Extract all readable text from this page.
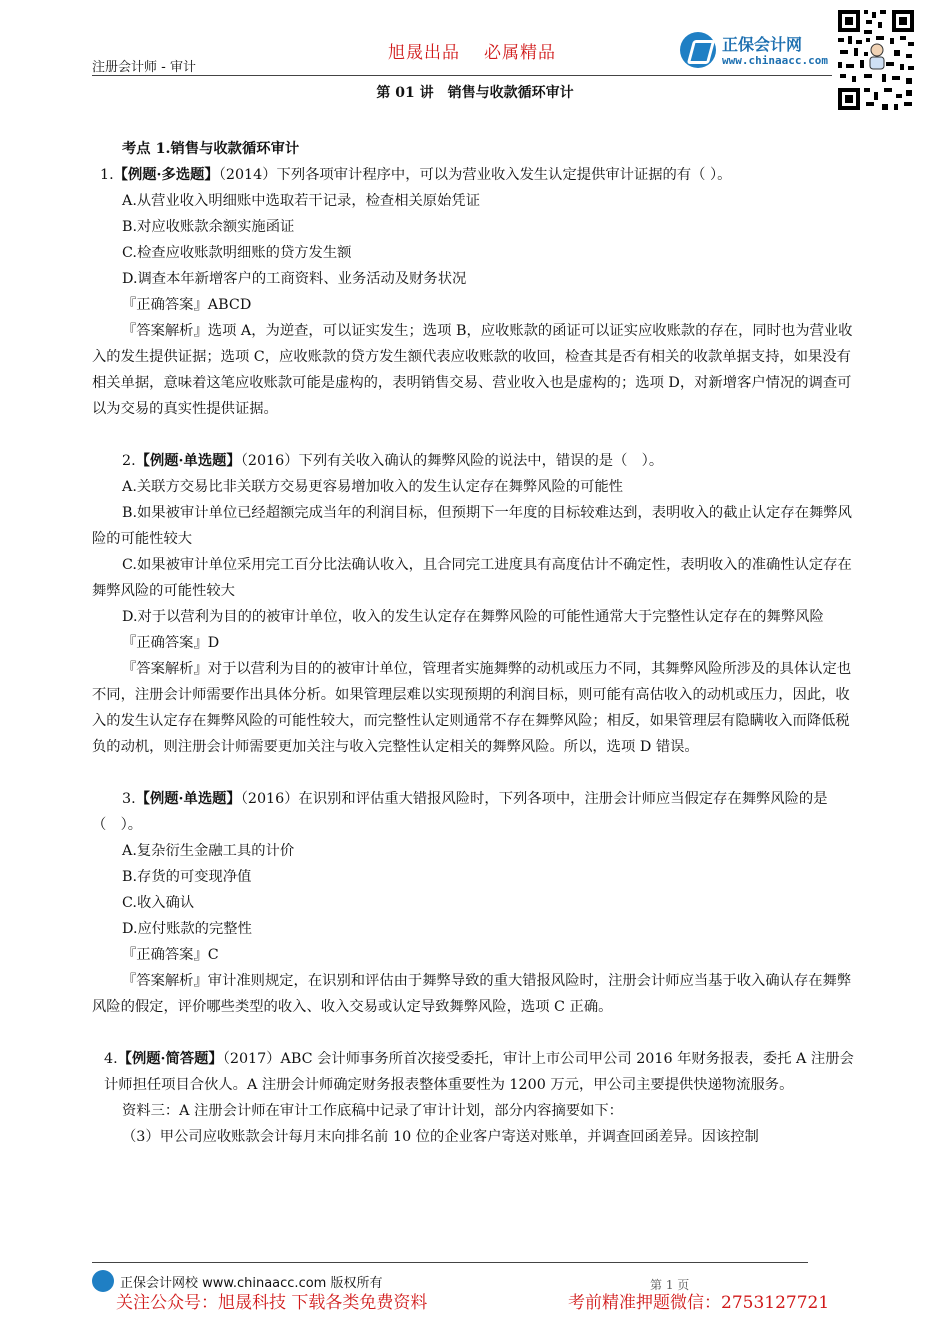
注册会计师 - 审计
旭晟出品 必属精品	正保会计网
www.chinaacc.com
第 01 讲　销售与收款循环审计

考点 1.销售与收款循环审计

1.【例题·多选题】（2014）下列各项审计程序中，可以为营业收入发生认定提供审计证据的有（ ）。

A.从营业收入明细账中选取若干记录，检查相关原始凭证

B.对应收账款余额实施函证

C.检查应收账款明细账的贷方发生额

D.调查本年新增客户的工商资料、业务活动及财务状况

『正确答案』ABCD

『答案解析』选项 A，为逆查，可以证实发生；选项 B，应收账款的函证可以证实应收账款的存在，同时也为营业收入的发生提供证据；选项 C，应收账款的贷方发生额代表应收账款的收回，检查其是否有相关的收款单据支持，如果没有相关单据，意味着这笔应收账款可能是虚构的，表明销售交易、营业收入也是虚构的；选项 D，对新增客户情况的调查可以为交易的真实性提供证据。

2.【例题·单选题】（2016）下列有关收入确认的舞弊风险的说法中，错误的是（　）。

A.关联方交易比非关联方交易更容易增加收入的发生认定存在舞弊风险的可能性

B.如果被审计单位已经超额完成当年的利润目标，但预期下一年度的目标较难达到，表明收入的截止认定存在舞弊风险的可能性较大

C.如果被审计单位采用完工百分比法确认收入，且合同完工进度具有高度估计不确定性，表明收入的准确性认定存在舞弊风险的可能性较大

D.对于以营利为目的的被审计单位，收入的发生认定存在舞弊风险的可能性通常大于完整性认定存在的舞弊风险

『正确答案』D

『答案解析』对于以营利为目的的被审计单位，管理者实施舞弊的动机或压力不同，其舞弊风险所涉及的具体认定也不同，注册会计师需要作出具体分析。如果管理层难以实现预期的利润目标，则可能有高估收入的动机或压力，因此，收入的发生认定存在舞弊风险的可能性较大，而完整性认定则通常不存在舞弊风险；相反，如果管理层有隐瞒收入而降低税负的动机，则注册会计师需要更加关注与收入完整性认定相关的舞弊风险。所以，选项 D 错误。

3.【例题·单选题】（2016）在识别和评估重大错报风险时，下列各项中，注册会计师应当假定存在舞弊风险的是（　）。

A.复杂衍生金融工具的计价

B.存货的可变现净值

C.收入确认

D.应付账款的完整性

『正确答案』C

『答案解析』审计准则规定，在识别和评估由于舞弊导致的重大错报风险时，注册会计师应当基于收入确认存在舞弊风险的假定，评价哪些类型的收入、收入交易或认定导致舞弊风险，选项 C 正确。

4.【例题·简答题】（2017）ABC 会计师事务所首次接受委托，审计上市公司甲公司 2016 年财务报表，委托 A 注册会计师担任项目合伙人。A 注册会计师确定财务报表整体重要性为 1200 万元，甲公司主要提供快递物流服务。

资料三：A 注册会计师在审计工作底稿中记录了审计计划，部分内容摘要如下：

（3）甲公司应收账款会计每月末向排名前 10 位的企业客户寄送对账单，并调查回函差异。因该控制

正保会计网校 www.chinaacc.com 版权所有	第 1 页
关注公众号：旭晟科技 下载各类免费资料	考前精准押题微信：2753127721
